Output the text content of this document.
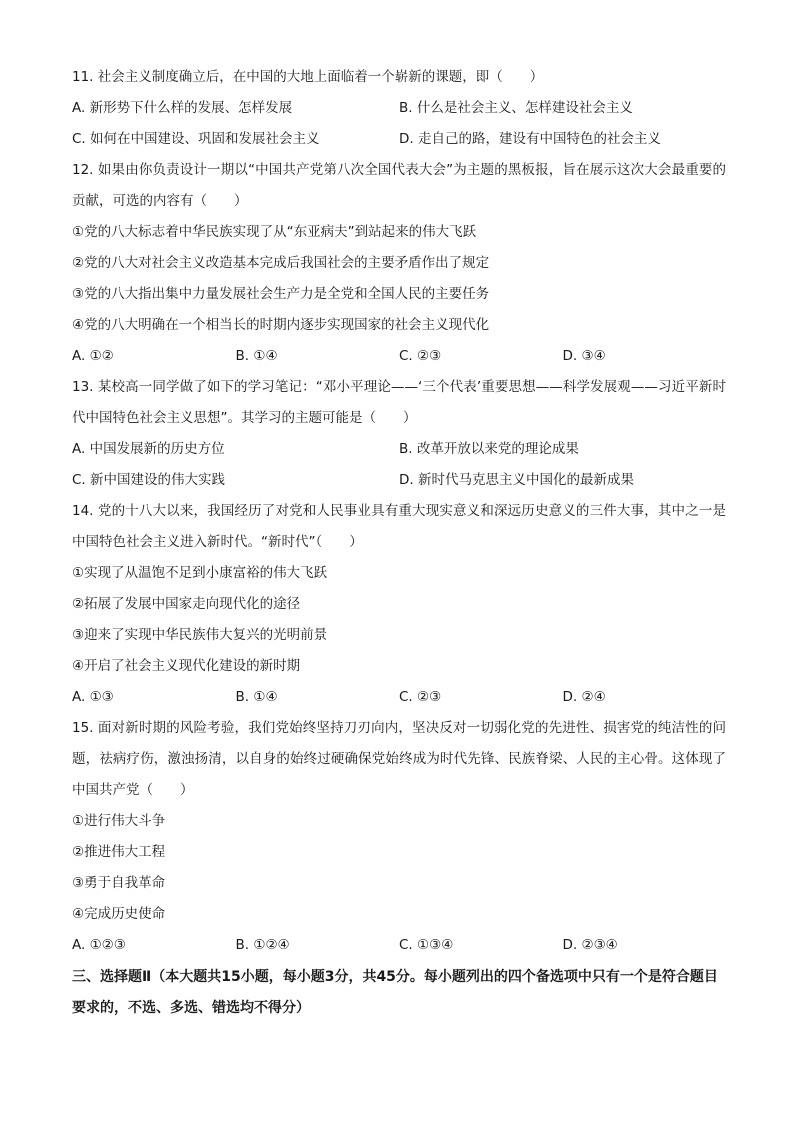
11. 社会主义制度确立后，在中国的大地上面临着一个崭新的课题，即（　　）
A. 新形势下什么样的发展、怎样发展	B. 什么是社会主义、怎样建设社会主义
C. 如何在中国建设、巩固和发展社会主义	D. 走自己的路，建设有中国特色的社会主义
12. 如果由你负责设计一期以“中国共产党第八次全国代表大会”为主题的黑板报，旨在展示这次大会最重要的贡献，可选的内容有（　　）
①党的八大标志着中华民族实现了从“东亚病夫”到站起来的伟大飞跃
②党的八大对社会主义改造基本完成后我国社会的主要矛盾作出了规定
③党的八大指出集中力量发展社会生产力是全党和全国人民的主要任务
④党的八大明确在一个相当长的时期内逐步实现国家的社会主义现代化
A. ①②	B. ①④	C. ②③	D. ③④
13. 某校高一同学做了如下的学习笔记：“邓小平理论——‘三个代表’重要思想——科学发展观——习近平新时代中国特色社会主义思想”。其学习的主题可能是（　　）
A. 中国发展新的历史方位	B. 改革开放以来党的理论成果
C. 新中国建设的伟大实践	D. 新时代马克思主义中国化的最新成果
14. 党的十八大以来，我国经历了对党和人民事业具有重大现实意义和深远历史意义的三件大事，其中之一是中国特色社会主义进入新时代。“新时代”（　　）
①实现了从温饱不足到小康富裕的伟大飞跃
②拓展了发展中国家走向现代化的途径
③迎来了实现中华民族伟大复兴的光明前景
④开启了社会主义现代化建设的新时期
A. ①③	B. ①④	C. ②③	D. ②④
15. 面对新时期的风险考验，我们党始终坚持刀刃向内，坚决反对一切弱化党的先进性、损害党的纯洁性的问题，祛病疗伤，激浊扬清，以自身的始终过硬确保党始终成为时代先锋、民族脊梁、人民的主心骨。这体现了中国共产党（　　）
①进行伟大斗争
②推进伟大工程
③勇于自我革命
④完成历史使命
A. ①②③	B. ①②④	C. ①③④	D. ②③④
三、选择题Ⅱ（本大题共15小题，每小题3分，共45分。每小题列出的四个备选项中只有一个是符合题目要求的，不选、多选、错选均不得分）
